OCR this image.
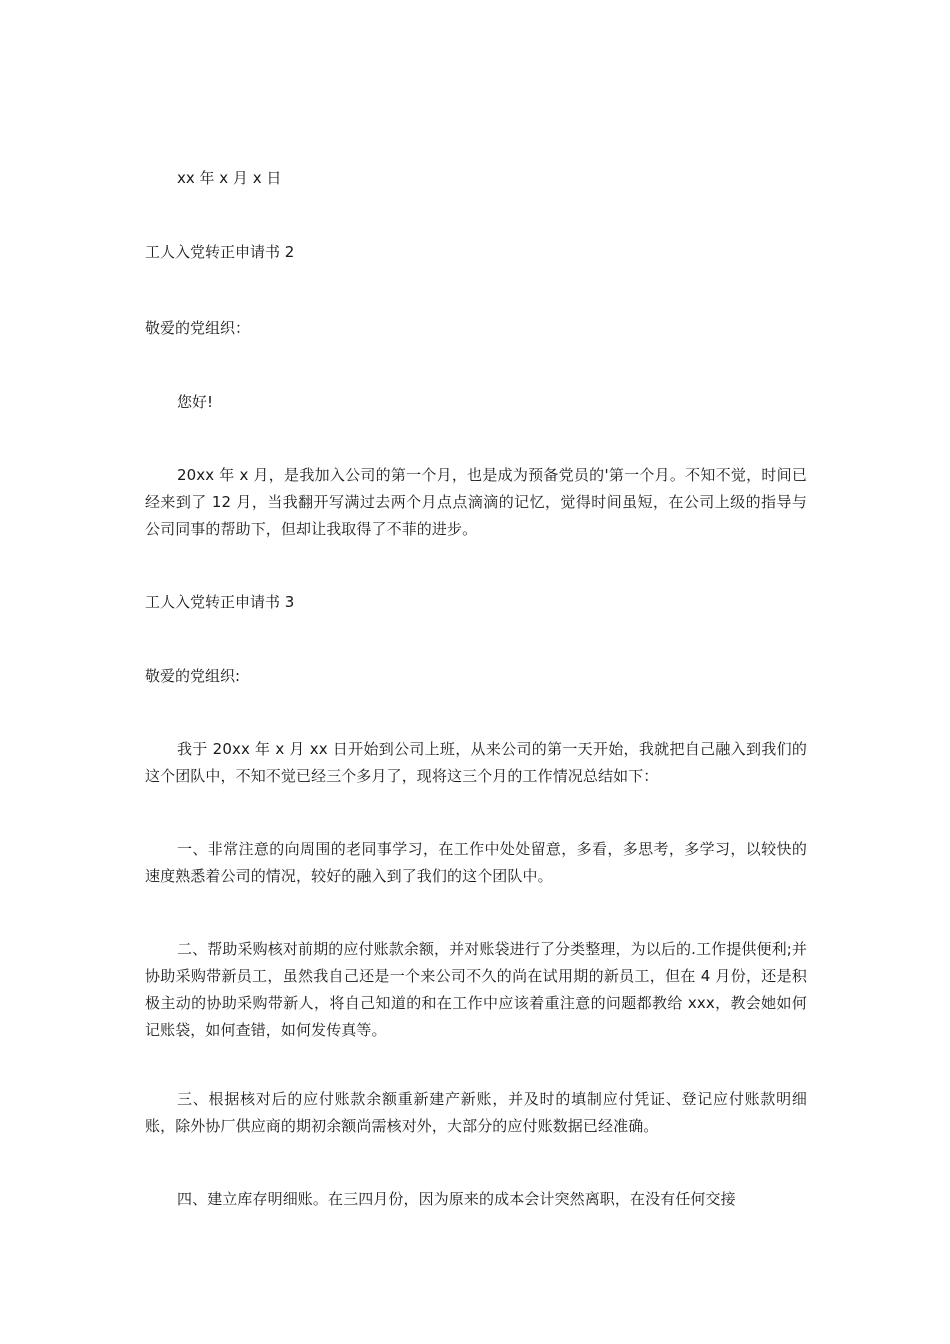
xx 年 x 月 x 日

工人入党转正申请书 2

敬爱的党组织：

您好!

20xx 年 x 月，是我加入公司的第一个月，也是成为预备党员的'第一个月。不知不觉，时间已经来到了 12 月，当我翻开写满过去两个月点点滴滴的记忆，觉得时间虽短，在公司上级的指导与公司同事的帮助下，但却让我取得了不菲的进步。

工人入党转正申请书 3

敬爱的党组织:

我于 20xx 年 x 月 xx 日开始到公司上班，从来公司的第一天开始，我就把自己融入到我们的这个团队中，不知不觉已经三个多月了，现将这三个月的工作情况总结如下：

一、非常注意的向周围的老同事学习，在工作中处处留意，多看，多思考，多学习，以较快的速度熟悉着公司的情况，较好的融入到了我们的这个团队中。

二、帮助采购核对前期的应付账款余额，并对账袋进行了分类整理，为以后的.工作提供便利;并协助采购带新员工，虽然我自己还是一个来公司不久的尚在试用期的新员工，但在 4 月份，还是积极主动的协助采购带新人，将自己知道的和在工作中应该着重注意的问题都教给 xxx，教会她如何记账袋，如何查错，如何发传真等。

三、根据核对后的应付账款余额重新建产新账，并及时的填制应付凭证、登记应付账款明细账，除外协厂供应商的期初余额尚需核对外，大部分的应付账数据已经准确。

四、建立库存明细账。在三四月份，因为原来的成本会计突然离职，在没有任何交接
